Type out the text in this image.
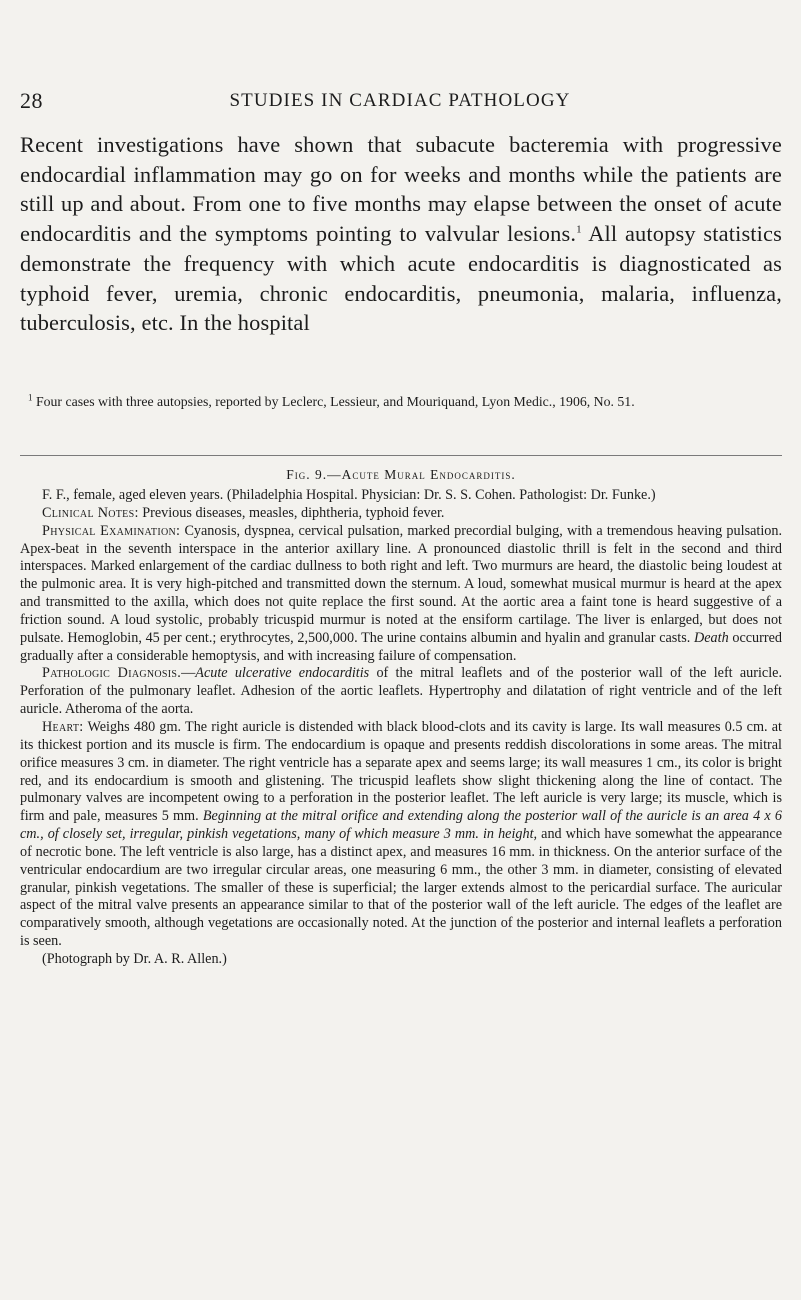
28	STUDIES IN CARDIAC PATHOLOGY

Recent investigations have shown that subacute bacteremia with progressive endocardial inflammation may go on for weeks and months while the patients are still up and about. From one to five months may elapse between the onset of acute endocarditis and the symptoms pointing to valvular lesions.$^1$ All autopsy statistics demonstrate the frequency with which acute endocarditis is diagnosticated as typhoid fever, uremia, chronic endocarditis, pneumonia, malaria, influenza, tuberculosis, etc. In the hospital

$^1$ Four cases with three autopsies, reported by Leclerc, Lessieur, and Mouriquand, Lyon Medic., 1906, No. 51.

Fig. 9.—Acute Mural Endocarditis.

F. F., female, aged eleven years. (Philadelphia Hospital. Physician: Dr. S. S. Cohen. Pathologist: Dr. Funke.)

Clinical Notes: Previous diseases, measles, diphtheria, typhoid fever.

Physical Examination: Cyanosis, dyspnea, cervical pulsation, marked precordial bulging, with a tremendous heaving pulsation. Apex-beat in the seventh interspace in the anterior axillary line. A pronounced diastolic thrill is felt in the second and third interspaces. Marked enlargement of the cardiac dullness to both right and left. Two murmurs are heard, the diastolic being loudest at the pulmonic area. It is very high-pitched and transmitted down the sternum. A loud, somewhat musical murmur is heard at the apex and transmitted to the axilla, which does not quite replace the first sound. At the aortic area a faint tone is heard suggestive of a friction sound. A loud systolic, probably tricuspid murmur is noted at the ensiform cartilage. The liver is enlarged, but does not pulsate. Hemoglobin, 45 per cent.; erythrocytes, 2,500,000. The urine contains albumin and hyalin and granular casts. Death occurred gradually after a considerable hemoptysis, and with increasing failure of compensation.

Pathologic Diagnosis.—Acute ulcerative endocarditis of the mitral leaflets and of the posterior wall of the left auricle. Perforation of the pulmonary leaflet. Adhesion of the aortic leaflets. Hypertrophy and dilatation of right ventricle and of the left auricle. Atheroma of the aorta.

Heart: Weighs 480 gm. The right auricle is distended with black blood-clots and its cavity is large. Its wall measures 0.5 cm. at its thickest portion and its muscle is firm. The endocardium is opaque and presents reddish discolorations in some areas. The mitral orifice measures 3 cm. in diameter. The right ventricle has a separate apex and seems large; its wall measures 1 cm., its color is bright red, and its endocardium is smooth and glistening. The tricuspid leaflets show slight thickening along the line of contact. The pulmonary valves are incompetent owing to a perforation in the posterior leaflet. The left auricle is very large; its muscle, which is firm and pale, measures 5 mm. Beginning at the mitral orifice and extending along the posterior wall of the auricle is an area 4 x 6 cm., of closely set, irregular, pinkish vegetations, many of which measure 3 mm. in height, and which have somewhat the appearance of necrotic bone. The left ventricle is also large, has a distinct apex, and measures 16 mm. in thickness. On the anterior surface of the ventricular endocardium are two irregular circular areas, one measuring 6 mm., the other 3 mm. in diameter, consisting of elevated granular, pinkish vegetations. The smaller of these is superficial; the larger extends almost to the pericardial surface. The auricular aspect of the mitral valve presents an appearance similar to that of the posterior wall of the left auricle. The edges of the leaflet are comparatively smooth, although vegetations are occasionally noted. At the junction of the posterior and internal leaflets a perforation is seen.

(Photograph by Dr. A. R. Allen.)
